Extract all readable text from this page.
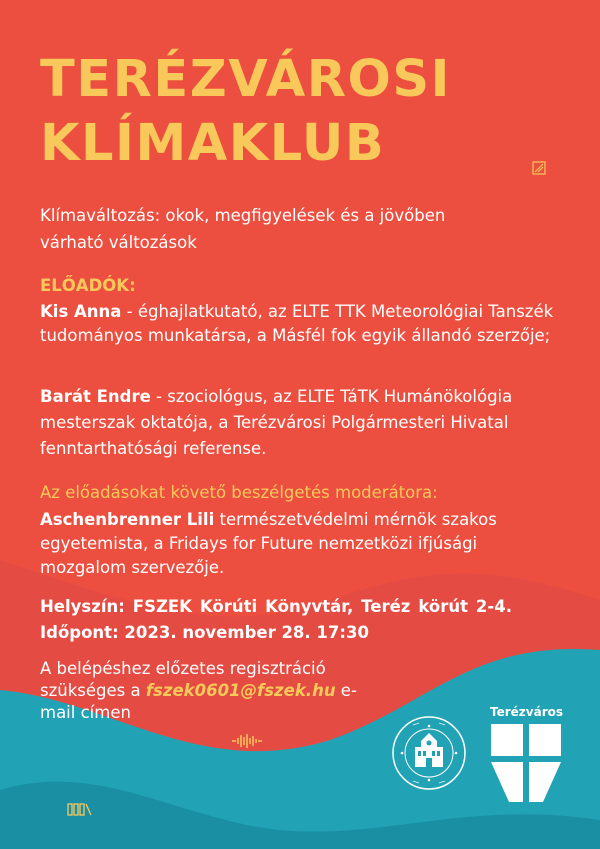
TERÉZVÁROSI
KLÍMAKLUB
Klímaváltozás: okok, megfigyelések és a jövőben várható változások
ELŐADÓK:
Kis Anna - éghajlatkutató, az ELTE TTK Meteorológiai Tanszék tudományos munkatársa, a Másfél fok egyik állandó szerzője;
Barát Endre - szociológus, az ELTE TáTK Humánökológia mesterszak oktatója, a Terézvárosi Polgármesteri Hivatal fenntarthatósági referense.
Az előadásokat követő beszélgetés moderátora:
Aschenbrenner Lili természetvédelmi mérnök szakos egyetemista, a Fridays for Future nemzetközi ifjúsági mozgalom szervezője.
Helyszín: FSZEK Körúti Könyvtár, Teréz körút 2-4. Időpont: 2023. november 28. 17:30
A belépéshez előzetes regisztráció szükséges a fszek0601@fszek.hu e-mail címen	Terézváros
